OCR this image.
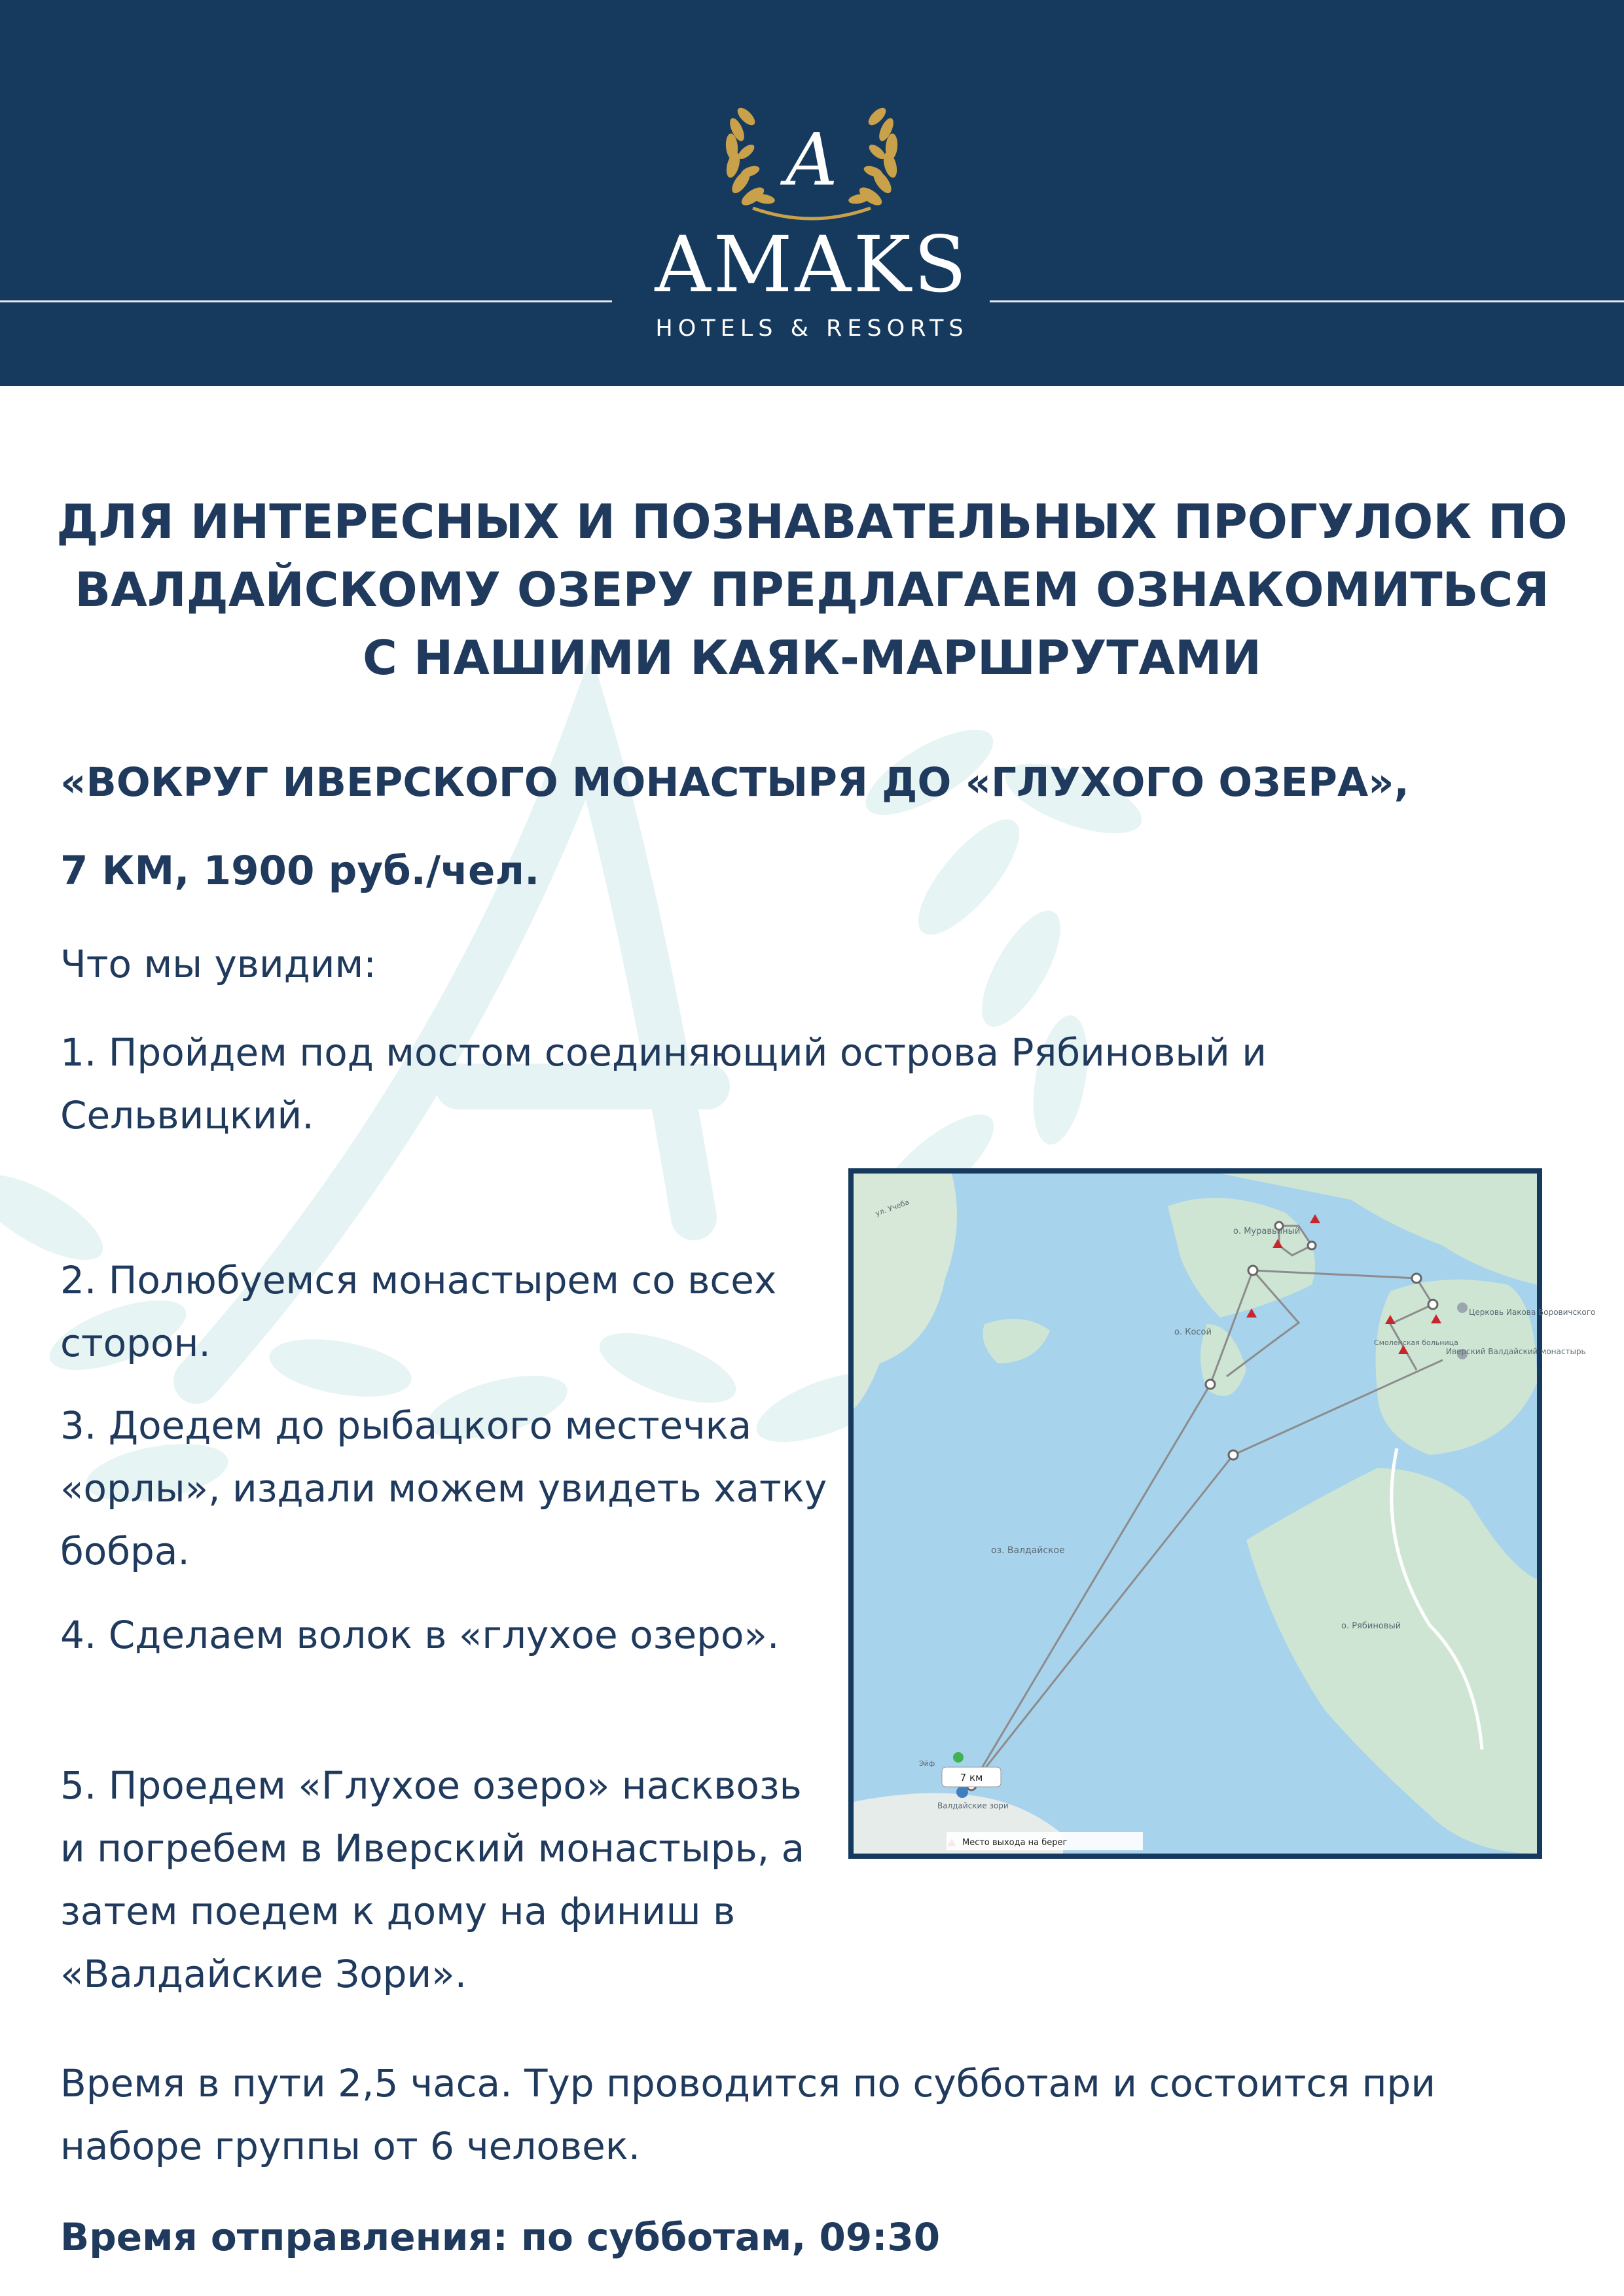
A
AMAKS
HOTELS & RESORTS
ДЛЯ ИНТЕРЕСНЫХ И ПОЗНАВАТЕЛЬНЫХ ПРОГУЛОК ПО ВАЛДАЙСКОМУ ОЗЕРУ ПРЕДЛАГАЕМ ОЗНАКОМИТЬСЯ С НАШИМИ КАЯК-МАРШРУТАМИ
«ВОКРУГ ИВЕРСКОГО МОНАСТЫРЯ ДО «ГЛУХОГО ОЗЕРА»,
7 КМ, 1900 руб./чел.

Что мы увидим:

1. Пройдем под мостом соединяющий острова Рябиновый и Сельвицкий.

2. Полюбуемся монастырем со всех сторон.

3. Доедем до рыбацкого местечка «орлы», издали можем увидеть хатку бобра.

4. Сделаем волок в «глухое озеро».

5. Проедем «Глухое озеро» насквозь и погребем в Иверский монастырь, а затем поедем к дому на финиш в «Валдайские Зори».

Время в пути 2,5 часа. Тур проводится по субботам и состоится при наборе группы от 6 человек.

Время отправления: по субботам, 09:30

7 км
ул. Учеба
о. Муравьиный
о. Косой
о. Рябиновый
оз. Валдайское
Церковь Иакова Боровичского
Иверский Валдайский монастырь
Смоленская больница
Валдайские зори
Эйф
Место выхода на берег
